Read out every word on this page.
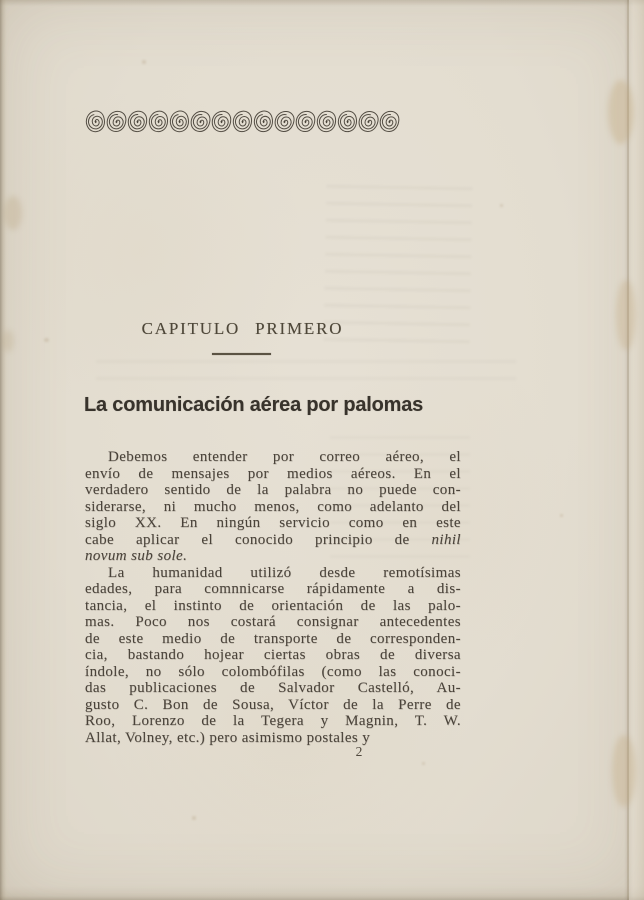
CAPITULO PRIMERO
La comunicación aérea por palomas
Debemos entender por correo aéreo, el
envío de mensajes por medios aéreos. En el
verdadero sentido de la palabra no puede con-
siderarse, ni mucho menos, como adelanto del
siglo XX. En ningún servicio como en este
cabe aplicar el conocido principio de nihil
novum sub sole.
La humanidad utilizó desde remotísimas
edades, para comnnicarse rápidamente a dis-
tancia, el instinto de orientación de las palo-
mas. Poco nos costará consignar antecedentes
de este medio de transporte de corresponden-
cia, bastando hojear ciertas obras de diversa
índole, no sólo colombófilas (como las conoci-
das publicaciones de Salvador Castelló, Au-
gusto C. Bon de Sousa, Víctor de la Perre de
Roo, Lorenzo de la Tegera y Magnin, T. W.
Allat, Volney, etc.) pero asimismo postales y
2
